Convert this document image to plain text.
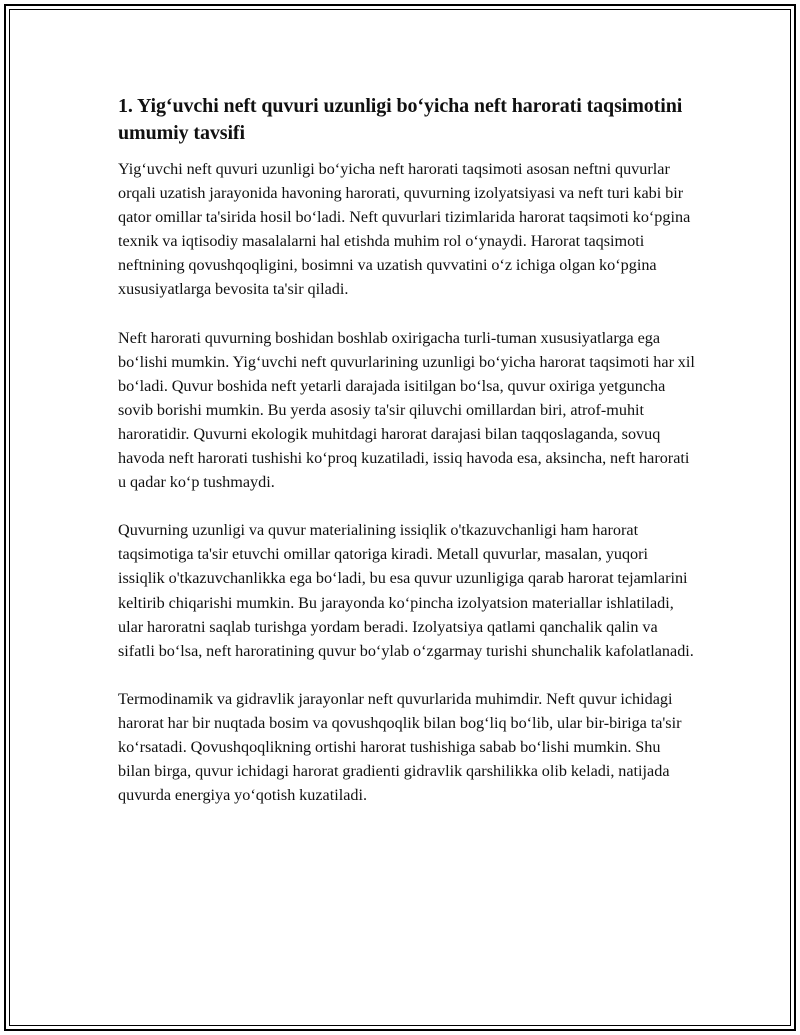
1. Yig‘uvchi neft quvuri uzunligi bo‘yicha neft harorati taqsimotini umumiy tavsifi

Yig‘uvchi neft quvuri uzunligi bo‘yicha neft harorati taqsimoti asosan neftni quvurlar orqali uzatish jarayonida havoning harorati, quvurning izolyatsiyasi va neft turi kabi bir qator omillar ta'sirida hosil bo‘ladi. Neft quvurlari tizimlarida harorat taqsimoti ko‘pgina texnik va iqtisodiy masalalarni hal etishda muhim rol o‘ynaydi. Harorat taqsimoti neftnining qovushqoqligini, bosimni va uzatish quvvatini o‘z ichiga olgan ko‘pgina xususiyatlarga bevosita ta'sir qiladi.

Neft harorati quvurning boshidan boshlab oxirigacha turli-tuman xususiyatlarga ega bo‘lishi mumkin. Yig‘uvchi neft quvurlarining uzunligi bo‘yicha harorat taqsimoti har xil bo‘ladi. Quvur boshida neft yetarli darajada isitilgan bo‘lsa, quvur oxiriga yetguncha sovib borishi mumkin. Bu yerda asosiy ta'sir qiluvchi omillardan biri, atrof-muhit haroratidir. Quvurni ekologik muhitdagi harorat darajasi bilan taqqoslaganda, sovuq havoda neft harorati tushishi ko‘proq kuzatiladi, issiq havoda esa, aksincha, neft harorati u qadar ko‘p tushmaydi.

Quvurning uzunligi va quvur materialining issiqlik o'tkazuvchanligi ham harorat taqsimotiga ta'sir etuvchi omillar qatoriga kiradi. Metall quvurlar, masalan, yuqori issiqlik o'tkazuvchanlikka ega bo‘ladi, bu esa quvur uzunligiga qarab harorat tejamlarini keltirib chiqarishi mumkin. Bu jarayonda ko‘pincha izolyatsion materiallar ishlatiladi, ular haroratni saqlab turishga yordam beradi. Izolyatsiya qatlami qanchalik qalin va sifatli bo‘lsa, neft haroratining quvur bo‘ylab o‘zgarmay turishi shunchalik kafolatlanadi.

Termodinamik va gidravlik jarayonlar neft quvurlarida muhimdir. Neft quvur ichidagi harorat har bir nuqtada bosim va qovushqoqlik bilan bog‘liq bo‘lib, ular bir-biriga ta'sir ko‘rsatadi. Qovushqoqlikning ortishi harorat tushishiga sabab bo‘lishi mumkin. Shu bilan birga, quvur ichidagi harorat gradienti gidravlik qarshilikka olib keladi, natijada quvurda energiya yo‘qotish kuzatiladi.
